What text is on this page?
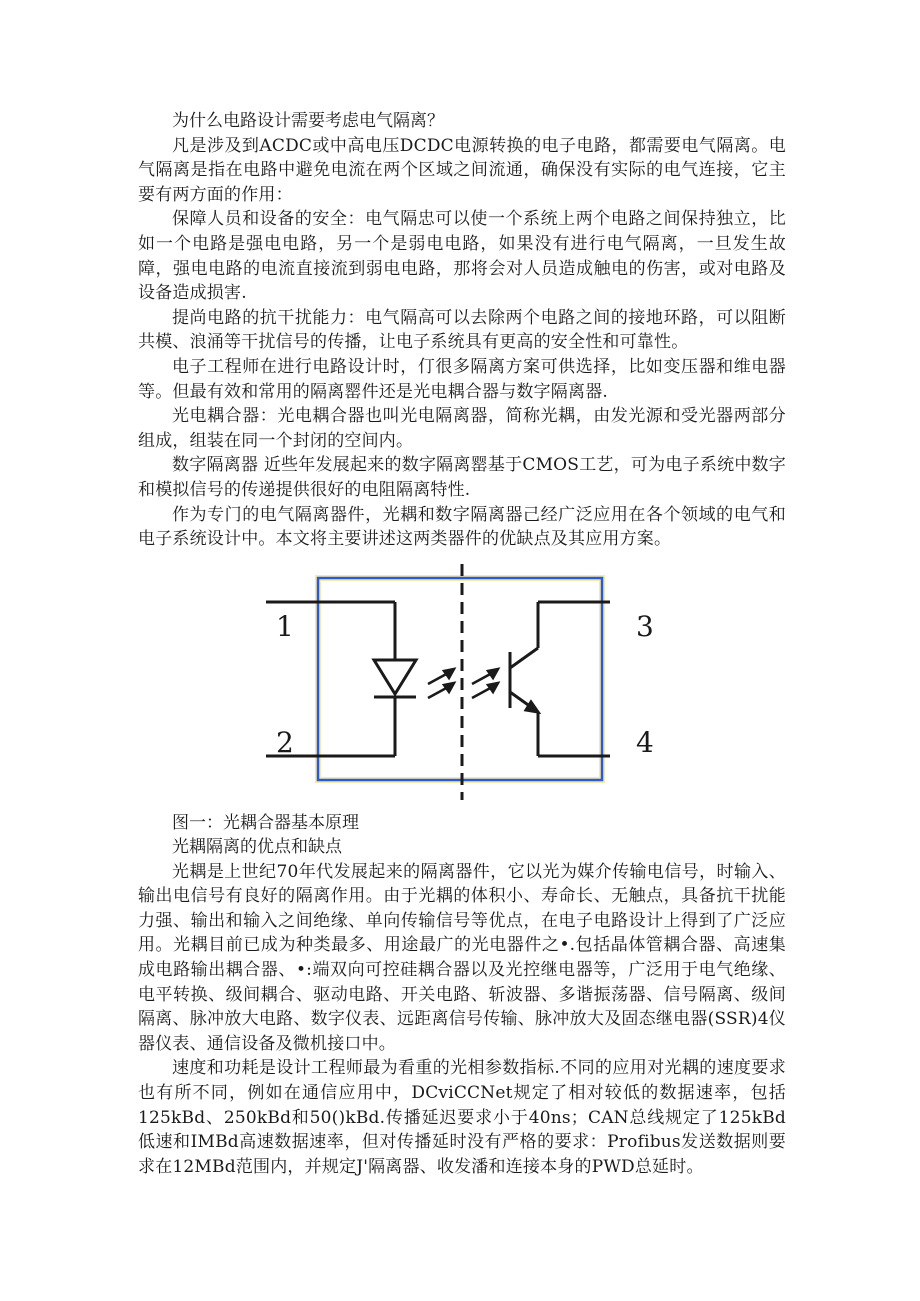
为什么电路设计需要考虑电气隔离？

凡是涉及到ACDC或中高电压DCDC电源转换的电子电路，都需要电气隔离。电气隔离是指在电路中避免电流在两个区域之间流通，确保没有实际的电气连接，它主要有两方面的作用：

保障人员和设备的安全：电气隔忠可以使一个系统上两个电路之间保持独立，比如一个电路是强电电路，另一个是弱电电路，如果没有进行电气隔离，一旦发生故障，强电电路的电流直接流到弱电电路，那将会对人员造成触电的伤害，或对电路及设备造成损害.

提尚电路的抗干扰能力：电气隔高可以去除两个电路之间的接地环路，可以阻断共模、浪涌等干扰信号的传播，让电子系统具有更高的安全性和可靠性。

电子工程师在进行电路设计时，仃很多隔离方案可供选择，比如变压器和维电器等。但最有效和常用的隔离罂件还是光电耦合器与数字隔离器.

光电耦合器：光电耦合器也叫光电隔离器，简称光耦，由发光源和受光器两部分组成，组装在同一个封闭的空间内。

数字隔离器 近些年发展起来的数字隔离罂基于CMOS工艺，可为电子系统中数字和模拟信号的传递提供很好的电阻隔离特性.

作为专门的电气隔离器件，光耦和数字隔离器己经广泛应用在各个领域的电气和电子系统设计中。本文将主要讲述这两类器件的优缺点及其应用方案。

1
2
3
4

图一：光耦合器基本原理

光耦隔离的优点和缺点

光耦是上世纪70年代发展起来的隔离器件，它以光为媒介传输电信号，时输入、输出电信号有良好的隔离作用。由于光耦的体积小、寿命长、无触点，具备抗干扰能力强、输出和输入之间绝缘、单向传输信号等优点，在电子电路设计上得到了广泛应用。光耦目前已成为种类最多、用途最广的光电器件之•.包括晶体管耦合器、高速集成电路输出耦合器、•:端双向可控硅耦合器以及光控继电器等，广泛用于电气绝缘、电平转换、级间耦合、驱动电路、开关电路、斩波器、多谐振荡器、信号隔离、级间隔离、脉冲放大电路、数字仪表、远距离信号传输、脉冲放大及固态继电器(SSR)4仪器仪表、通信设备及微机接口中。

速度和功耗是设计工程师最为看重的光相参数指标.不同的应用对光耦的速度要求也有所不同，例如在通信应用中，DCviCCNet规定了相对较低的数据速率，包括125kBd、250kBd和50()kBd.传播延迟要求小于40ns；CAN总线规定了125kBd低速和IMBd高速数据速率，但对传播延时没有严格的要求：Profibus发送数据则要求在12MBd范围内，并规定J'隔离器、收发潘和连接本身的PWD总延时。
